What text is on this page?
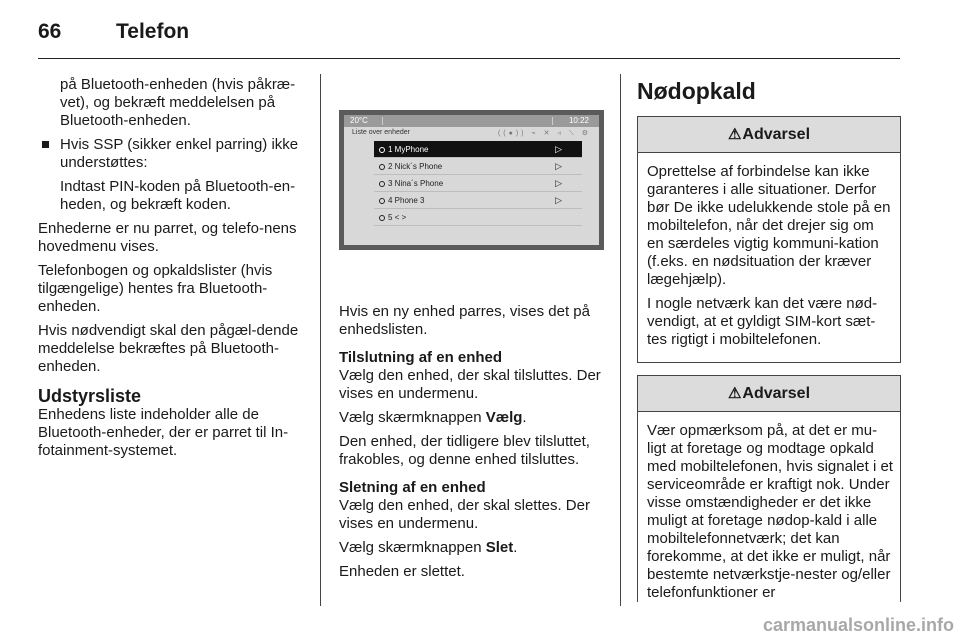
66	Telefon
på Bluetooth-enheden (hvis påkræ-vet), og bekræft meddelelsen på Bluetooth-enheden.
Hvis SSP (sikker enkel parring) ikke understøttes:
Indtast PIN-koden på Bluetooth-en-heden, og bekræft koden.
Enhederne er nu parret, og telefo-nens hovedmenu vises.
Telefonbogen og opkaldslister (hvis tilgængelige) hentes fra Bluetooth-enheden.
Hvis nødvendigt skal den pågæl-dende meddelelse bekræftes på Bluetooth-enheden.
Udstyrsliste
Enhedens liste indeholder alle de Bluetooth-enheder, der er parret til In-fotainment-systemet.
20°C	10:22
Liste over enheder	((●)) ⌁ ✕ ◃ ⟍ ⚙
1 MyPhone	▷
2 Nick´s Phone	▷
3 Nina´s Phone	▷
4 Phone 3	▷
5 < >
Hvis en ny enhed parres, vises det på enhedslisten.
Tilslutning af en enhed
Vælg den enhed, der skal tilsluttes. Der vises en undermenu.
Vælg skærmknappen Vælg.
Den enhed, der tidligere blev tilsluttet, frakobles, og denne enhed tilsluttes.
Sletning af en enhed
Vælg den enhed, der skal slettes. Der vises en undermenu.
Vælg skærmknappen Slet.
Enheden er slettet.
Nødopkald
⚠Advarsel
Oprettelse af forbindelse kan ikke garanteres i alle situationer. Derfor bør De ikke udelukkende stole på en mobiltelefon, når det drejer sig om en særdeles vigtig kommuni-kation (f.eks. en nødsituation der kræver lægehjælp).
I nogle netværk kan det være nød-vendigt, at et gyldigt SIM-kort sæt-tes rigtigt i mobiltelefonen.
⚠Advarsel
Vær opmærksom på, at det er mu-ligt at foretage og modtage opkald med mobiltelefonen, hvis signalet i et serviceområde er kraftigt nok. Under visse omstændigheder er det ikke muligt at foretage nødop-kald i alle mobiltelefonnetværk; det kan forekomme, at det ikke er muligt, når bestemte netværkstje-nester og/eller telefonfunktioner er
carmanualsonline.info
